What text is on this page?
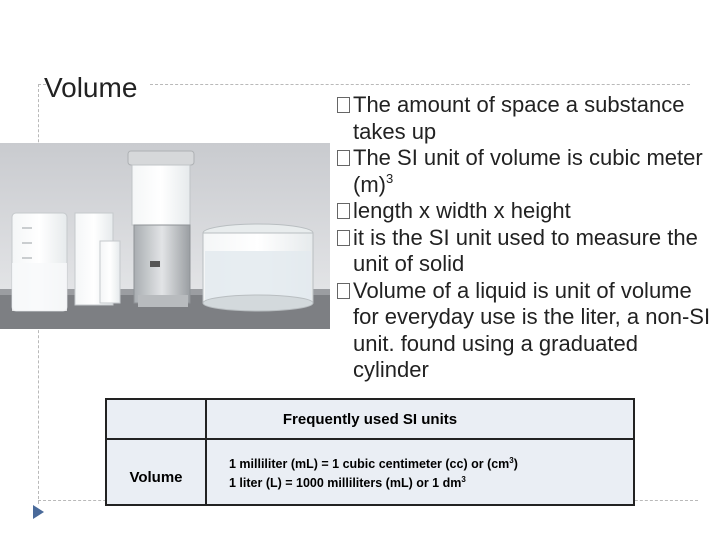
Volume
The amount of space a substance takes up
The SI unit of volume is cubic meter $(m)^3$
length x width x height
it is the SI unit used to measure the unit of solid
Volume of a liquid is unit of volume for everyday use is the liter, a non-SI unit. found using a graduated cylinder
Frequently used SI units
Volume
1 milliliter (mL) = 1 cubic centimeter (cc) or $(cm^3)$
1 liter (L) = 1000 milliliters (mL) or 1 $dm^3$
